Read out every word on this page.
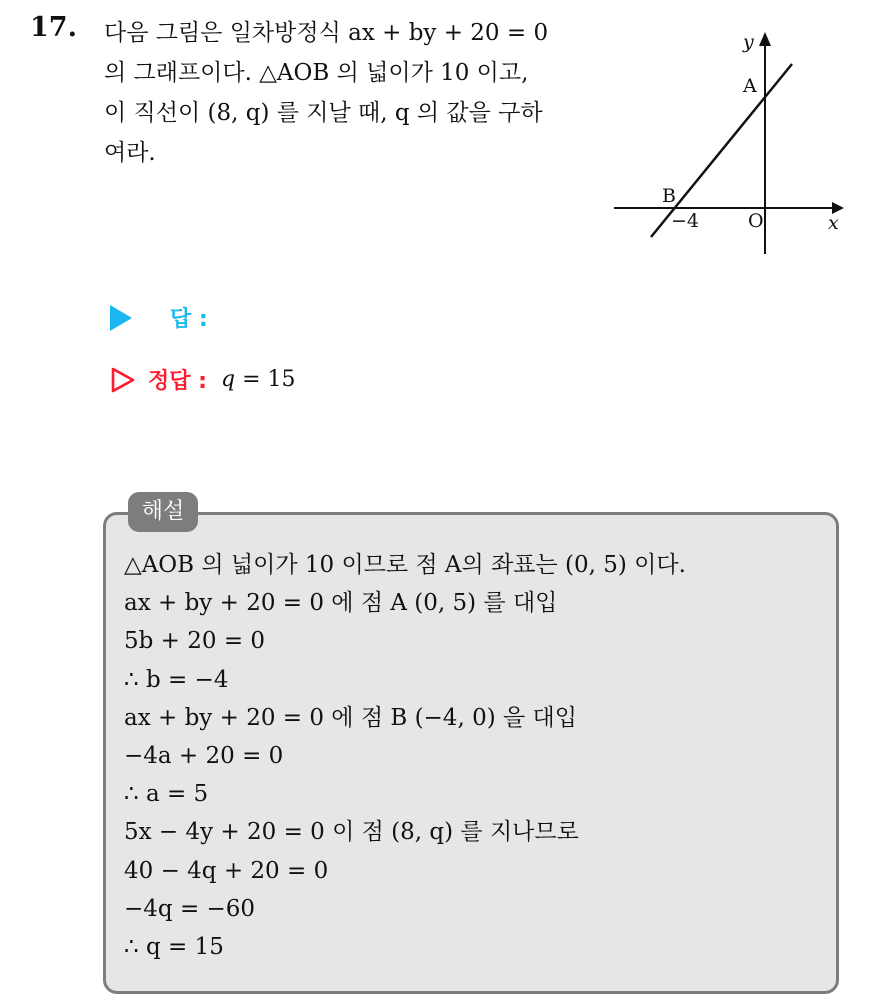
17. 다음 그림은 일차방정식 ax + by + 20 = 0
의 그래프이다. △AOB 의 넓이가 10 이고,
이 직선이 (8, q) 를 지날 때, q 의 값을 구하
여라.
y
x
A
B
O
−4
답 :
정답 : q = 15
해설
△AOB 의 넓이가 10 이므로 점 A의 좌표는 (0, 5) 이다.
ax + by + 20 = 0 에 점 A (0, 5) 를 대입
5b + 20 = 0
∴ b = −4
ax + by + 20 = 0 에 점 B (−4, 0) 을 대입
−4a + 20 = 0
∴ a = 5
5x − 4y + 20 = 0 이 점 (8, q) 를 지나므로
40 − 4q + 20 = 0
−4q = −60
∴ q = 15
